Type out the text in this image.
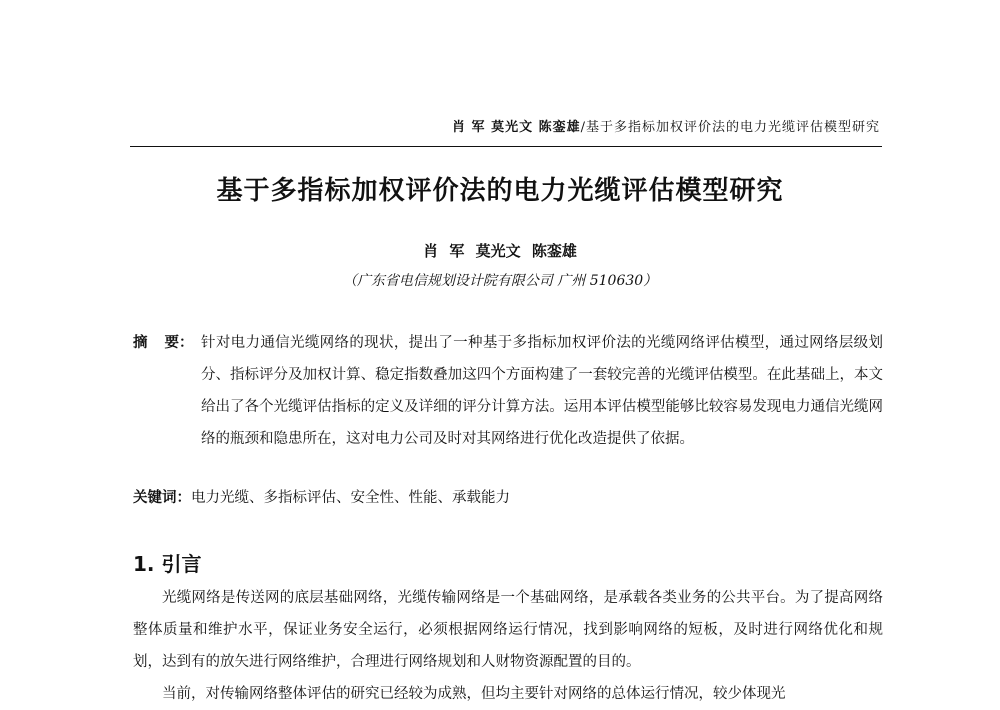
肖 军 莫光文 陈銮雄/基于多指标加权评价法的电力光缆评估模型研究
基于多指标加权评价法的电力光缆评估模型研究
肖 军 莫光文 陈銮雄
（广东省电信规划设计院有限公司 广州 510630）
摘 要： 针对电力通信光缆网络的现状，提出了一种基于多指标加权评价法的光缆网络评估模型，通过网络层级划分、指标评分及加权计算、稳定指数叠加这四个方面构建了一套较完善的光缆评估模型。在此基础上，本文给出了各个光缆评估指标的定义及详细的评分计算方法。运用本评估模型能够比较容易发现电力通信光缆网络的瓶颈和隐患所在，这对电力公司及时对其网络进行优化改造提供了依据。
关键词：电力光缆、多指标评估、安全性、性能、承载能力
1. 引言

光缆网络是传送网的底层基础网络，光缆传输网络是一个基础网络，是承载各类业务的公共平台。为了提高网络整体质量和维护水平，保证业务安全运行，必须根据网络运行情况，找到影响网络的短板，及时进行网络优化和规划，达到有的放矢进行网络维护，合理进行网络规划和人财物资源配置的目的。

当前，对传输网络整体评估的研究已经较为成熟，但均主要针对网络的总体运行情况，较少体现光
